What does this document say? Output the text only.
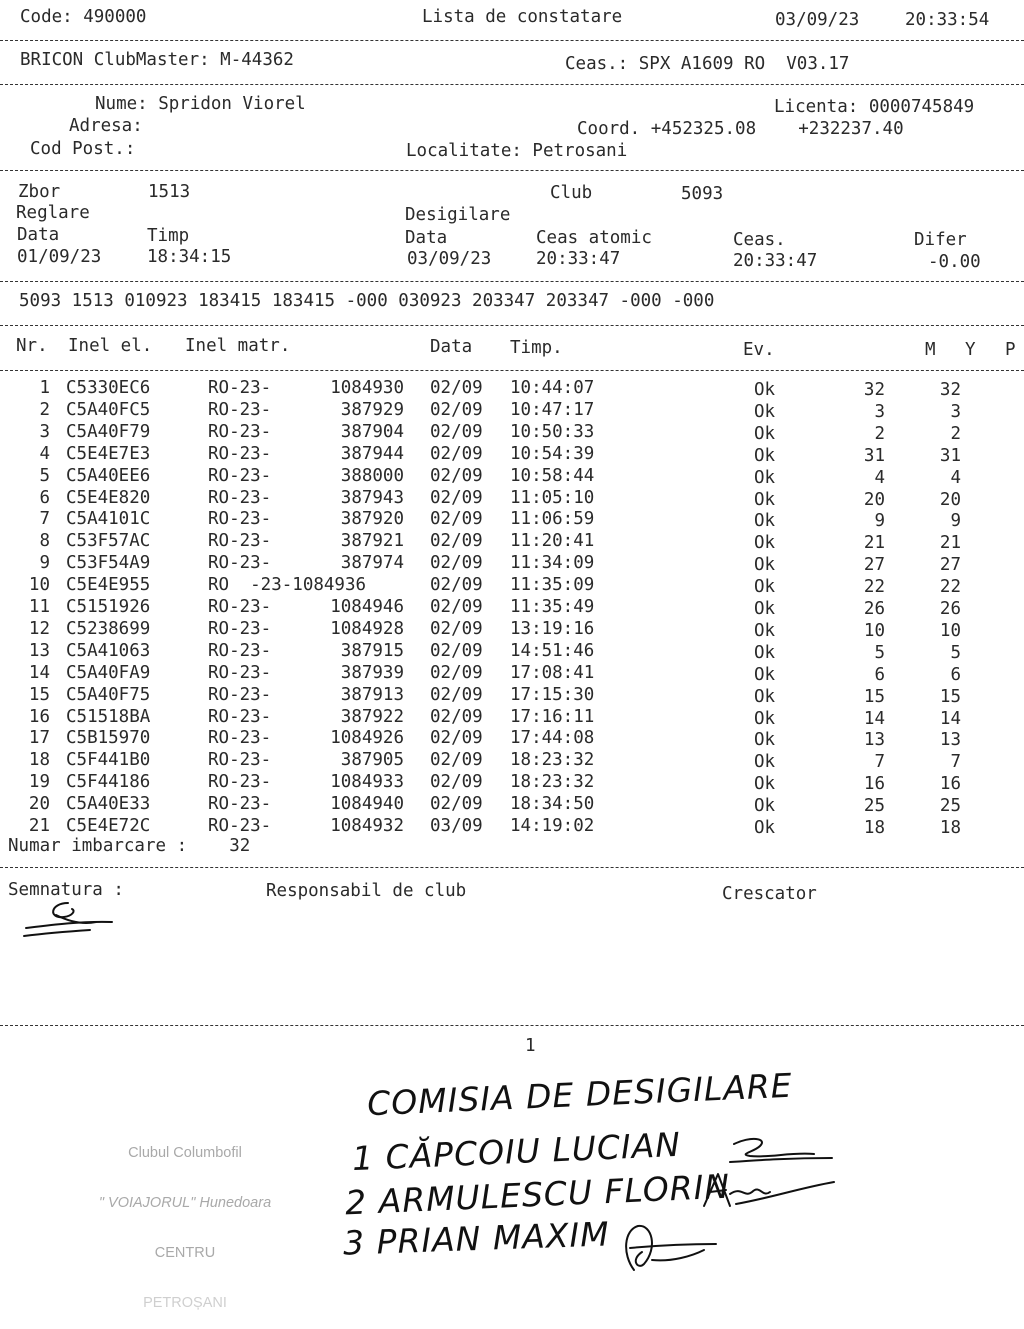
Code: 490000	Lista de constatare	03/09/23	20:33:54
BRICON ClubMaster: M-44362	Ceas.: SPX A1609 RO  V03.17
Nume: Spridon Viorel	Licenta: 0000745849
Adresa:	Coord. +452325.08    +232237.40
Cod Post.:	Localitate: Petrosani
Zbor	1513	Club	5093
Reglare	Desigilare
Data	Timp	Data	Ceas atomic	Ceas.	Difer
01/09/23	18:34:15	03/09/23	20:33:47	20:33:47	-0.00
5093 1513 010923 183415 183415 -000 030923 203347 203347 -000 -000
Nr. Inel el. Inel matr.	Data Timp.	Ev.	M Y P
1 C5330EC6	RO-23-	1084930 02/09	10:44:07	Ok	32	32
2 C5A40FC5	RO-23-	387929 02/09	10:47:17	Ok	3	3
3 C5A40F79	RO-23-	387904 02/09	10:50:33	Ok	2	2
4 C5E4E7E3	RO-23-	387944 02/09	10:54:39	Ok	31	31
5 C5A40EE6	RO-23-	388000 02/09	10:58:44	Ok	4	4
6 C5E4E820	RO-23-	387943 02/09	11:05:10	Ok	20	20
7 C5A4101C	RO-23-	387920 02/09	11:06:59	Ok	9	9
8 C53F57AC	RO-23-	387921 02/09	11:20:41	Ok	21	21
9 C53F54A9	RO-23-	387974 02/09	11:34:09	Ok	27	27
10 C5E4E955	RO  -23-1084936	02/09	11:35:09	Ok	22	22
11 C5151926	RO-23-	1084946 02/09	11:35:49	Ok	26	26
12 C5238699	RO-23-	1084928 02/09	13:19:16	Ok	10	10
13 C5A41063	RO-23-	387915 02/09	14:51:46	Ok	5	5
14 C5A40FA9	RO-23-	387939 02/09	17:08:41	Ok	6	6
15 C5A40F75	RO-23-	387913 02/09	17:15:30	Ok	15	15
16 C51518BA	RO-23-	387922 02/09	17:16:11	Ok	14	14
17 C5B15970	RO-23-	1084926 02/09	17:44:08	Ok	13	13
18 C5F441B0	RO-23-	387905 02/09	18:23:32	Ok	7	7
19 C5F44186	RO-23-	1084933 02/09	18:23:32	Ok	16	16
20 C5A40E33	RO-23-	1084940 02/09	18:34:50	Ok	25	25
21 C5E4E72C	RO-23-	1084932 03/09	14:19:02	Ok	18	18
Numar imbarcare :    32
Semnatura :	Responsabil de club	Crescator
1

Clubul Columbofil

" VOIAJORUL" Hunedoara

CENTRU

PETROȘANI

COMISIA DE DESIGILARE
1 CĂPCOIU LUCIAN
2 ARMULESCU FLORIN
3 PRIAN MAXIM
